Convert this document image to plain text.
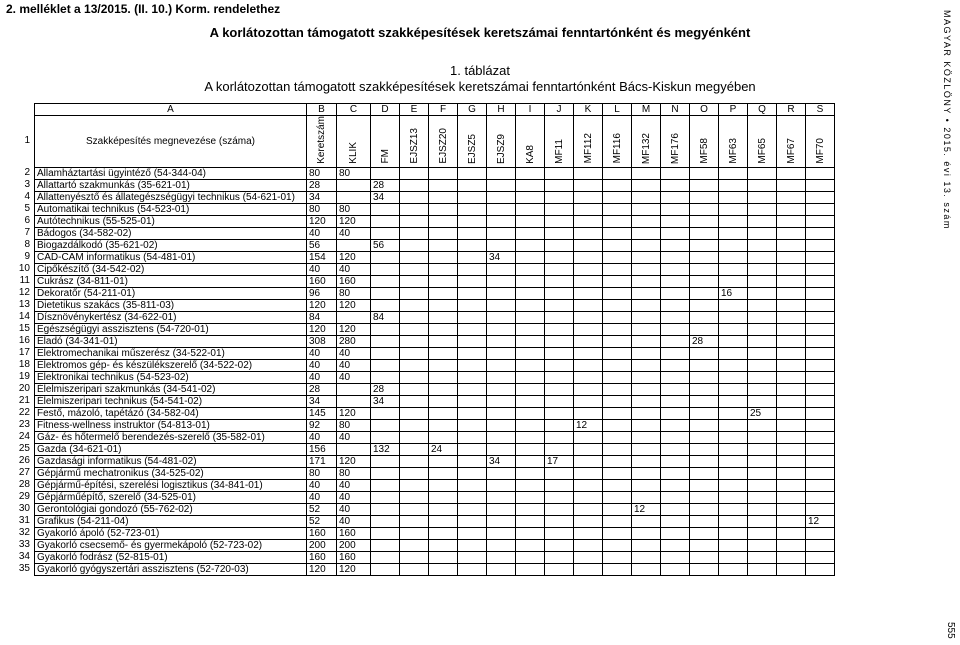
2. melléklet a 13/2015. (II. 10.) Korm. rendelethez
A korlátozottan támogatott szakképesítések keretszámai fenntartónként és megyénként
1. táblázat
A korlátozottan támogatott szakképesítések keretszámai fenntartónként Bács-Kiskun megyében	MAGYAR KÖZLÖNY • 2015. évi 13. szám
555
1
2
3
4
5
6
7
8
9
10
11
12
13
14
15
16
17
18
19
20
21
22
23
24
25
26
27
28
29
30
31
32
33
34
35
A	B	C	D	E	F	G	H	I	J	K	L	M	N	O	P	Q	R	S
Szakképesítés megnevezése (száma)	Keretszám	KLIK	FM	EJSZ13	EJSZ20	EJSZ5	EJSZ9	KA8	MF11	MF112	MF116	MF132	MF176	MF58	MF63	MF65	MF67	MF70
Államháztartási ügyintéző (54-344-04)	80	80																
Állattartó szakmunkás (35-621-01)	28		28															
Állattenyésztő és állategészségügyi technikus (54-621-01)	34		34															
Automatikai technikus (54-523-01)	80	80																
Autótechnikus (55-525-01)	120	120																
Bádogos (34-582-02)	40	40																
Biogazdálkodó (35-621-02)	56		56															
CAD-CAM informatikus (54-481-01)	154	120					34											
Cipőkészítő (34-542-02)	40	40																
Cukrász (34-811-01)	160	160																
Dekoratőr (54-211-01)	96	80													16			
Dietetikus szakács (35-811-03)	120	120																
Dísznövénykertész (34-622-01)	84		84															
Egészségügyi asszisztens (54-720-01)	120	120																
Eladó (34-341-01)	308	280												28				
Elektromechanikai műszerész (34-522-01)	40	40																
Elektromos gép- és készülékszerelő (34-522-02)	40	40																
Elektronikai technikus (54-523-02)	40	40																
Élelmiszeripari szakmunkás (34-541-02)	28		28															
Élelmiszeripari technikus (54-541-02)	34		34															
Festő, mázoló, tapétázó (34-582-04)	145	120														25		
Fitness-wellness instruktor (54-813-01)	92	80								12								
Gáz- és hőtermelő berendezés-szerelő (35-582-01)	40	40																
Gazda (34-621-01)	156		132		24													
Gazdasági informatikus (54-481-02)	171	120					34		17									
Gépjármű mechatronikus (34-525-02)	80	80																
Gépjármű-építési, szerelési logisztikus (34-841-01)	40	40																
Gépjárműépítő, szerelő (34-525-01)	40	40																
Gerontológiai gondozó (55-762-02)	52	40										12						
Grafikus (54-211-04)	52	40																12
Gyakorló ápoló (52-723-01)	160	160																
Gyakorló csecsemő- és gyermekápoló (52-723-02)	200	200																
Gyakorló fodrász (52-815-01)	160	160																
Gyakorló gyógyszertári asszisztens (52-720-03)	120	120																
